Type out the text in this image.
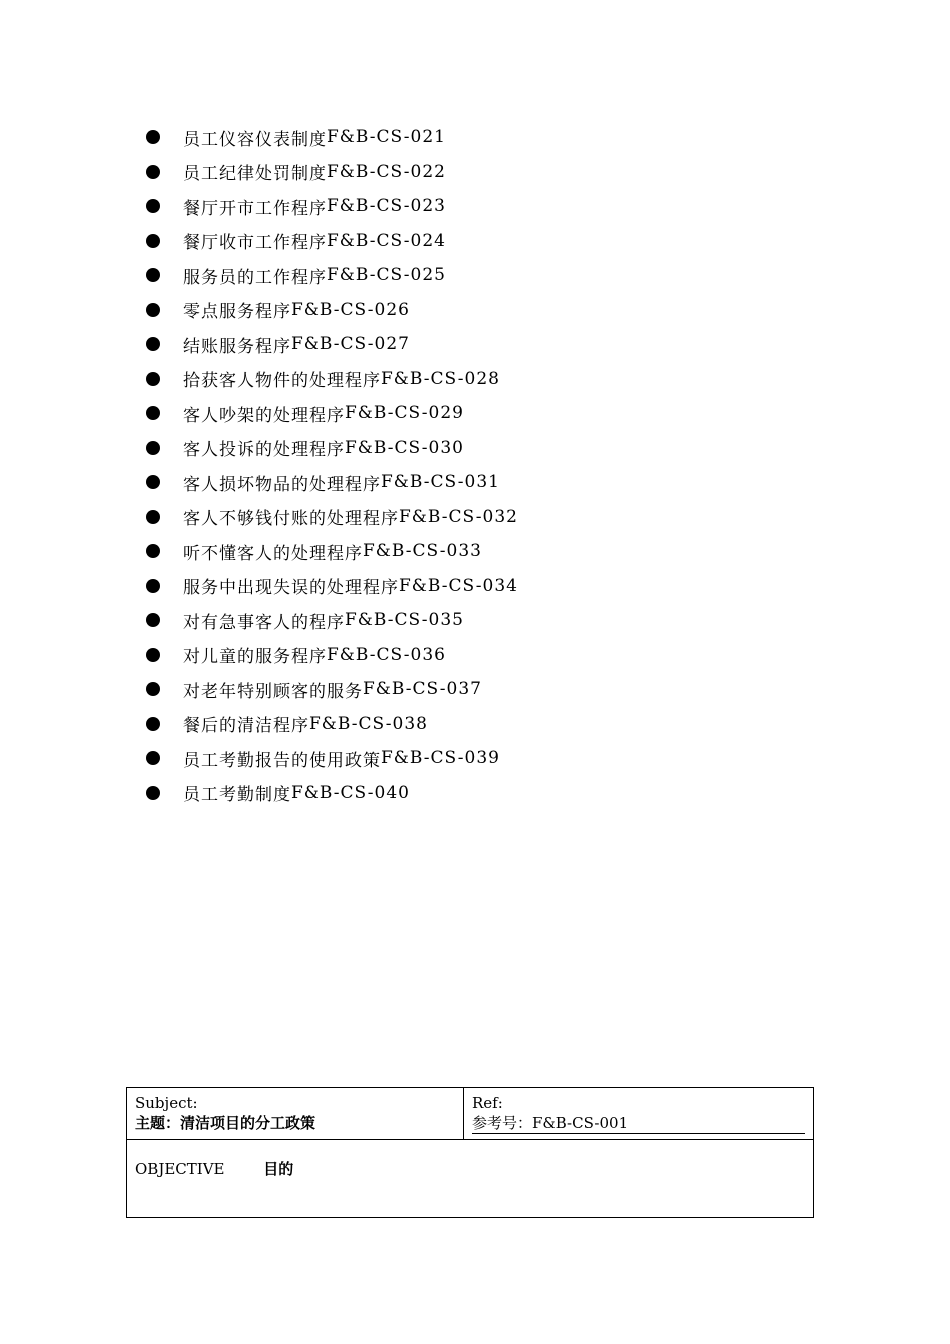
员工仪容仪表制度 F&B-CS-021
员工纪律处罚制度 F&B-CS-022
餐厅开市工作程序 F&B-CS-023
餐厅收市工作程序 F&B-CS-024
服务员的工作程序 F&B-CS-025
零点服务程序 F&B-CS-026
结账服务程序 F&B-CS-027
拾获客人物件的处理程序 F&B-CS-028
客人吵架的处理程序 F&B-CS-029
客人投诉的处理程序 F&B-CS-030
客人损坏物品的处理程序 F&B-CS-031
客人不够钱付账的处理程序 F&B-CS-032
听不懂客人的处理程序 F&B-CS-033
服务中出现失误的处理程序 F&B-CS-034
对有急事客人的程序 F&B-CS-035
对儿童的服务程序 F&B-CS-036
对老年特别顾客的服务 F&B-CS-037
餐后的清洁程序 F&B-CS-038
员工考勤报告的使用政策 F&B-CS-039
员工考勤制度 F&B-CS-040
Subject:
主题：清洁项目的分工政策
Ref:
参考号：F&B-CS-001
OBJECTIVE	目的
